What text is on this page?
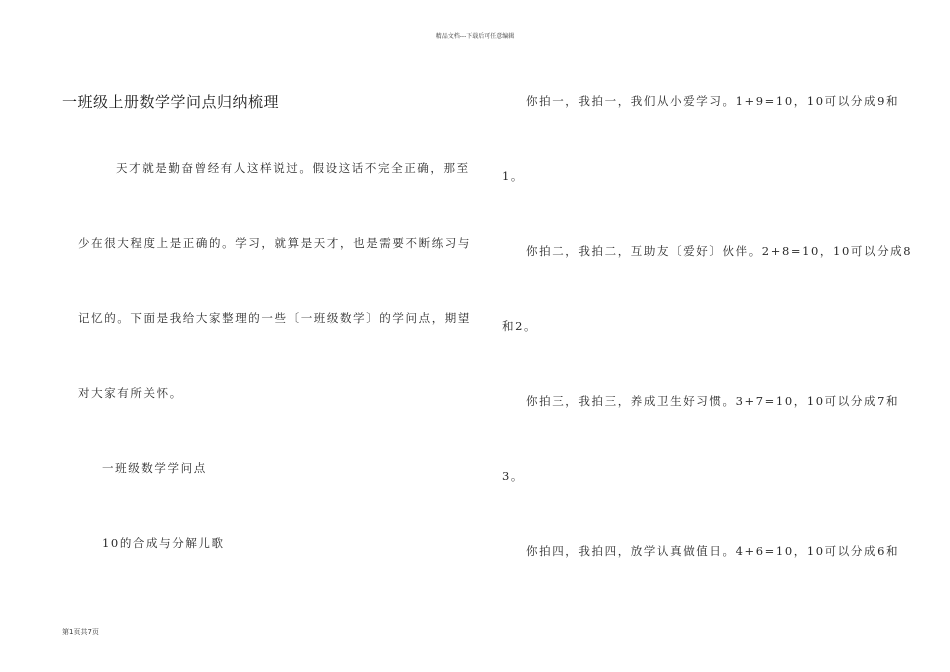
精品文档---下载后可任意编辑
一班级上册数学学问点归纳梳理
天才就是勤奋曾经有人这样说过。假设这话不完全正确，那至
少在很大程度上是正确的。学习，就算是天才，也是需要不断练习与
记忆的。下面是我给大家整理的一些〔一班级数学〕的学问点，期望
对大家有所关怀。
一班级数学学问点
10的合成与分解儿歌
你拍一，我拍一，我们从小爱学习。1+9=10，10可以分成9和
1。
你拍二，我拍二，互助友〔爱好〕伙伴。2+8=10，10可以分成8
和2。
你拍三，我拍三，养成卫生好习惯。3+7=10，10可以分成7和
3。
你拍四，我拍四，放学认真做值日。4+6=10，10可以分成6和
第1页共7页
